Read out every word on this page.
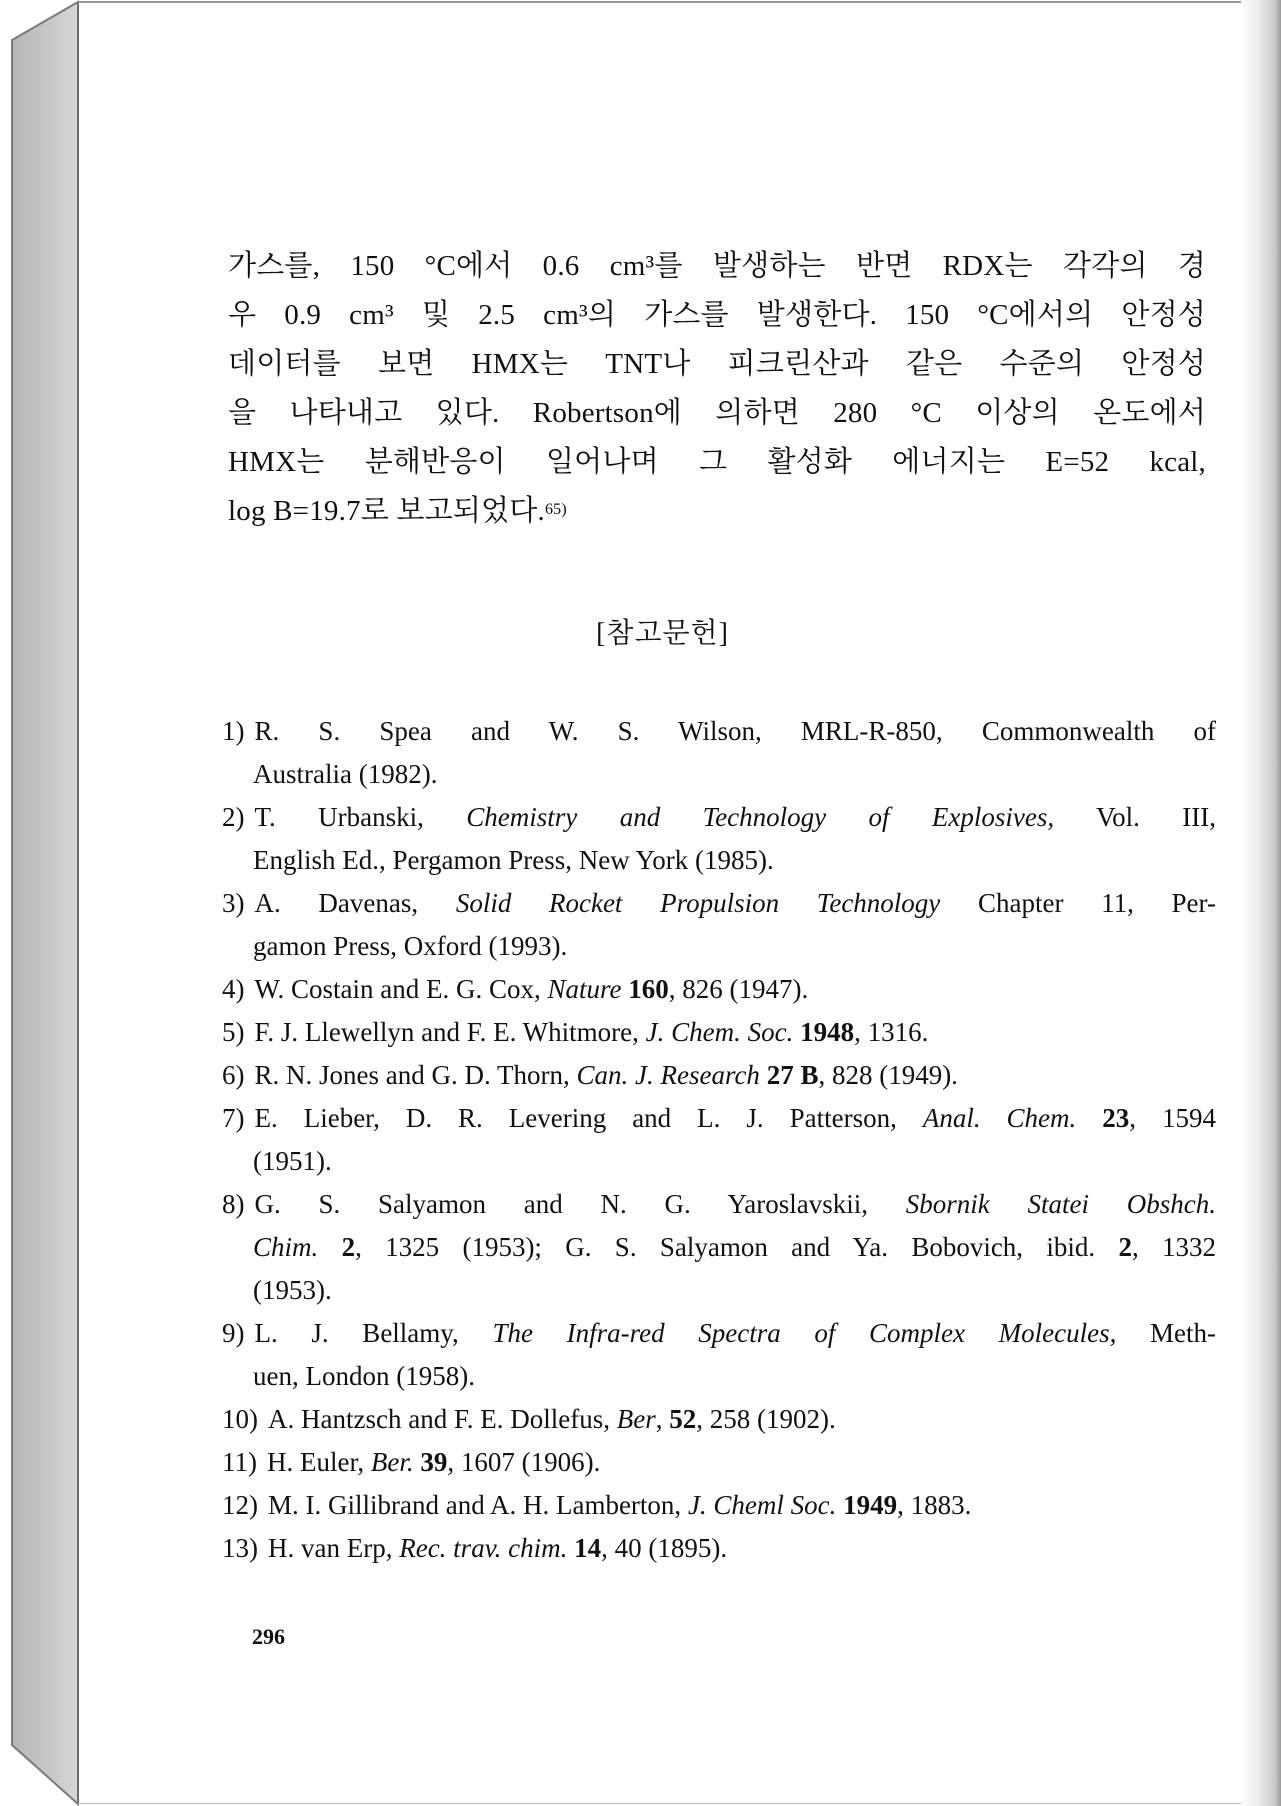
가스를, 150 °C에서 0.6 cm³를 발생하는 반면 RDX는 각각의 경
우 0.9 cm³ 및 2.5 cm³의 가스를 발생한다. 150 °C에서의 안정성
데이터를 보면 HMX는 TNT나 피크린산과 같은 수준의 안정성
을 나타내고 있다. Robertson에 의하면 280 °C 이상의 온도에서
HMX는 분해반응이 일어나며 그 활성화 에너지는 E=52 kcal,
log B=19.7로 보고되었다.$^{65)}$
[참고문헌]
1) R. S. Spea and W. S. Wilson, MRL-R-850, Commonwealth of
Australia (1982).
2) T. Urbanski, Chemistry and Technology of Explosives, Vol. III,
English Ed., Pergamon Press, New York (1985).
3) A. Davenas, Solid Rocket Propulsion Technology Chapter 11, Per-
gamon Press, Oxford (1993).
4) W. Costain and E. G. Cox, Nature 160, 826 (1947).
5) F. J. Llewellyn and F. E. Whitmore, J. Chem. Soc. 1948, 1316.
6) R. N. Jones and G. D. Thorn, Can. J. Research 27 B, 828 (1949).
7) E. Lieber, D. R. Levering and L. J. Patterson, Anal. Chem. 23, 1594
(1951).
8) G. S. Salyamon and N. G. Yaroslavskii, Sbornik Statei Obshch.
Chim. 2, 1325 (1953); G. S. Salyamon and Ya. Bobovich, ibid. 2, 1332
(1953).
9) L. J. Bellamy, The Infra-red Spectra of Complex Molecules, Meth-
uen, London (1958).
10) A. Hantzsch and F. E. Dollefus, Ber, 52, 258 (1902).
11) H. Euler, Ber. 39, 1607 (1906).
12) M. I. Gillibrand and A. H. Lamberton, J. Cheml Soc. 1949, 1883.
13) H. van Erp, Rec. trav. chim. 14, 40 (1895).
296
